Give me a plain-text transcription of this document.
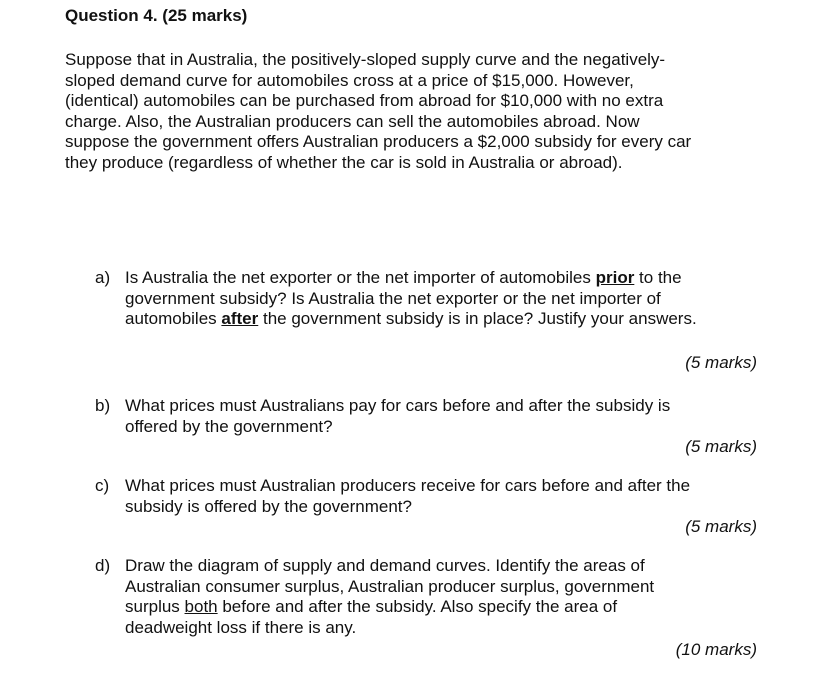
Question 4. (25 marks)
Suppose that in Australia, the positively-sloped supply curve and the negatively-
sloped demand curve for automobiles cross at a price of $15,000. However,
(identical) automobiles can be purchased from abroad for $10,000 with no extra
charge. Also, the Australian producers can sell the automobiles abroad. Now
suppose the government offers Australian producers a $2,000 subsidy for every car
they produce (regardless of whether the car is sold in Australia or abroad).
a) Is Australia the net exporter or the net importer of automobiles prior to the
government subsidy? Is Australia the net exporter or the net importer of
automobiles after the government subsidy is in place? Justify your answers.
(5 marks)
b) What prices must Australians pay for cars before and after the subsidy is
offered by the government?
(5 marks)
c) What prices must Australian producers receive for cars before and after the
subsidy is offered by the government?
(5 marks)
d) Draw the diagram of supply and demand curves. Identify the areas of
Australian consumer surplus, Australian producer surplus, government
surplus both before and after the subsidy. Also specify the area of
deadweight loss if there is any.
(10 marks)
